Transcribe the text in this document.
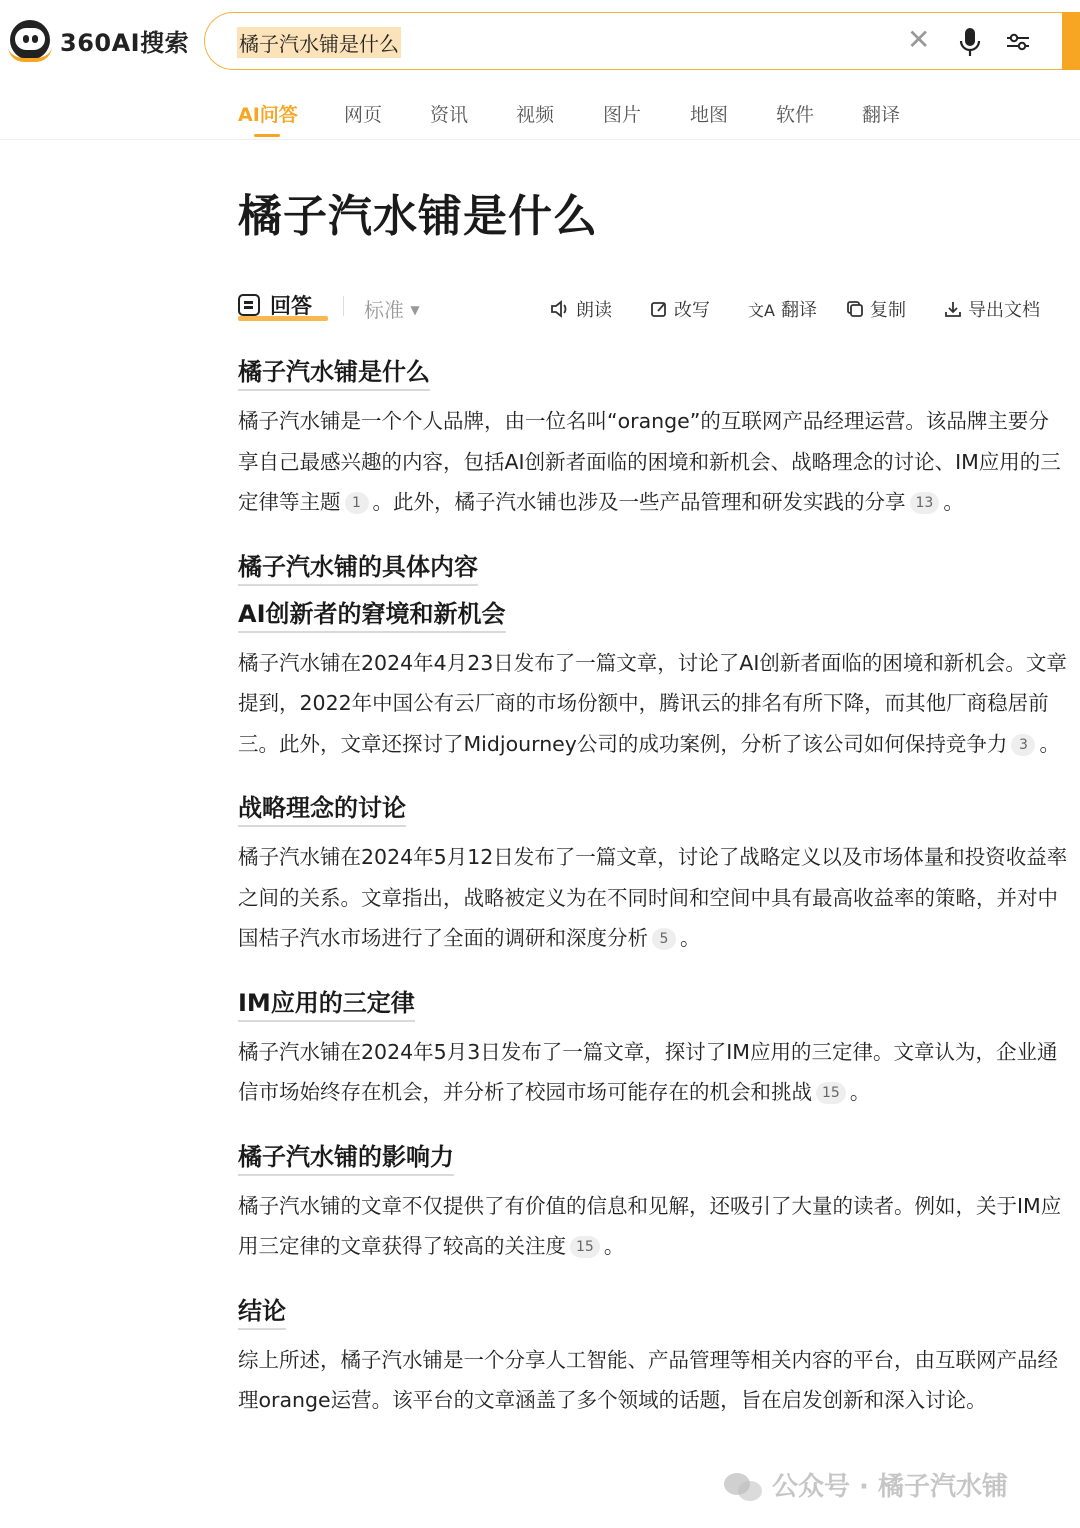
360AI搜索 橘子汽水铺是什么	✕
AI问答 网页	资讯	视频	图片	地图	软件	翻译
橘子汽水铺是什么
回答	标准 ▼	朗读	改写 文A 翻译	复制	导出文档
橘子汽水铺是什么

橘子汽水铺是一个个人品牌，由一位名叫“orange”的互联网产品经理运营。该品牌主要分享自己最感兴趣的内容，包括AI创新者面临的困境和新机会、战略理念的讨论、IM应用的三定律等主题 1 。此外，橘子汽水铺也涉及一些产品管理和研发实践的分享 13 。

橘子汽水铺的具体内容
AI创新者的窘境和新机会

橘子汽水铺在2024年4月23日发布了一篇文章，讨论了AI创新者面临的困境和新机会。文章提到，2022年中国公有云厂商的市场份额中，腾讯云的排名有所下降，而其他厂商稳居前三。此外，文章还探讨了Midjourney公司的成功案例，分析了该公司如何保持竞争力 3 。

战略理念的讨论

橘子汽水铺在2024年5月12日发布了一篇文章，讨论了战略定义以及市场体量和投资收益率之间的关系。文章指出，战略被定义为在不同时间和空间中具有最高收益率的策略，并对中国桔子汽水市场进行了全面的调研和深度分析 5 。

IM应用的三定律

橘子汽水铺在2024年5月3日发布了一篇文章，探讨了IM应用的三定律。文章认为，企业通信市场始终存在机会，并分析了校园市场可能存在的机会和挑战 15 。

橘子汽水铺的影响力

橘子汽水铺的文章不仅提供了有价值的信息和见解，还吸引了大量的读者。例如，关于IM应用三定律的文章获得了较高的关注度 15 。

结论

综上所述，橘子汽水铺是一个分享人工智能、产品管理等相关内容的平台，由互联网产品经理orange运营。该平台的文章涵盖了多个领域的话题，旨在启发创新和深入讨论。

公众号 · 橘子汽水铺
